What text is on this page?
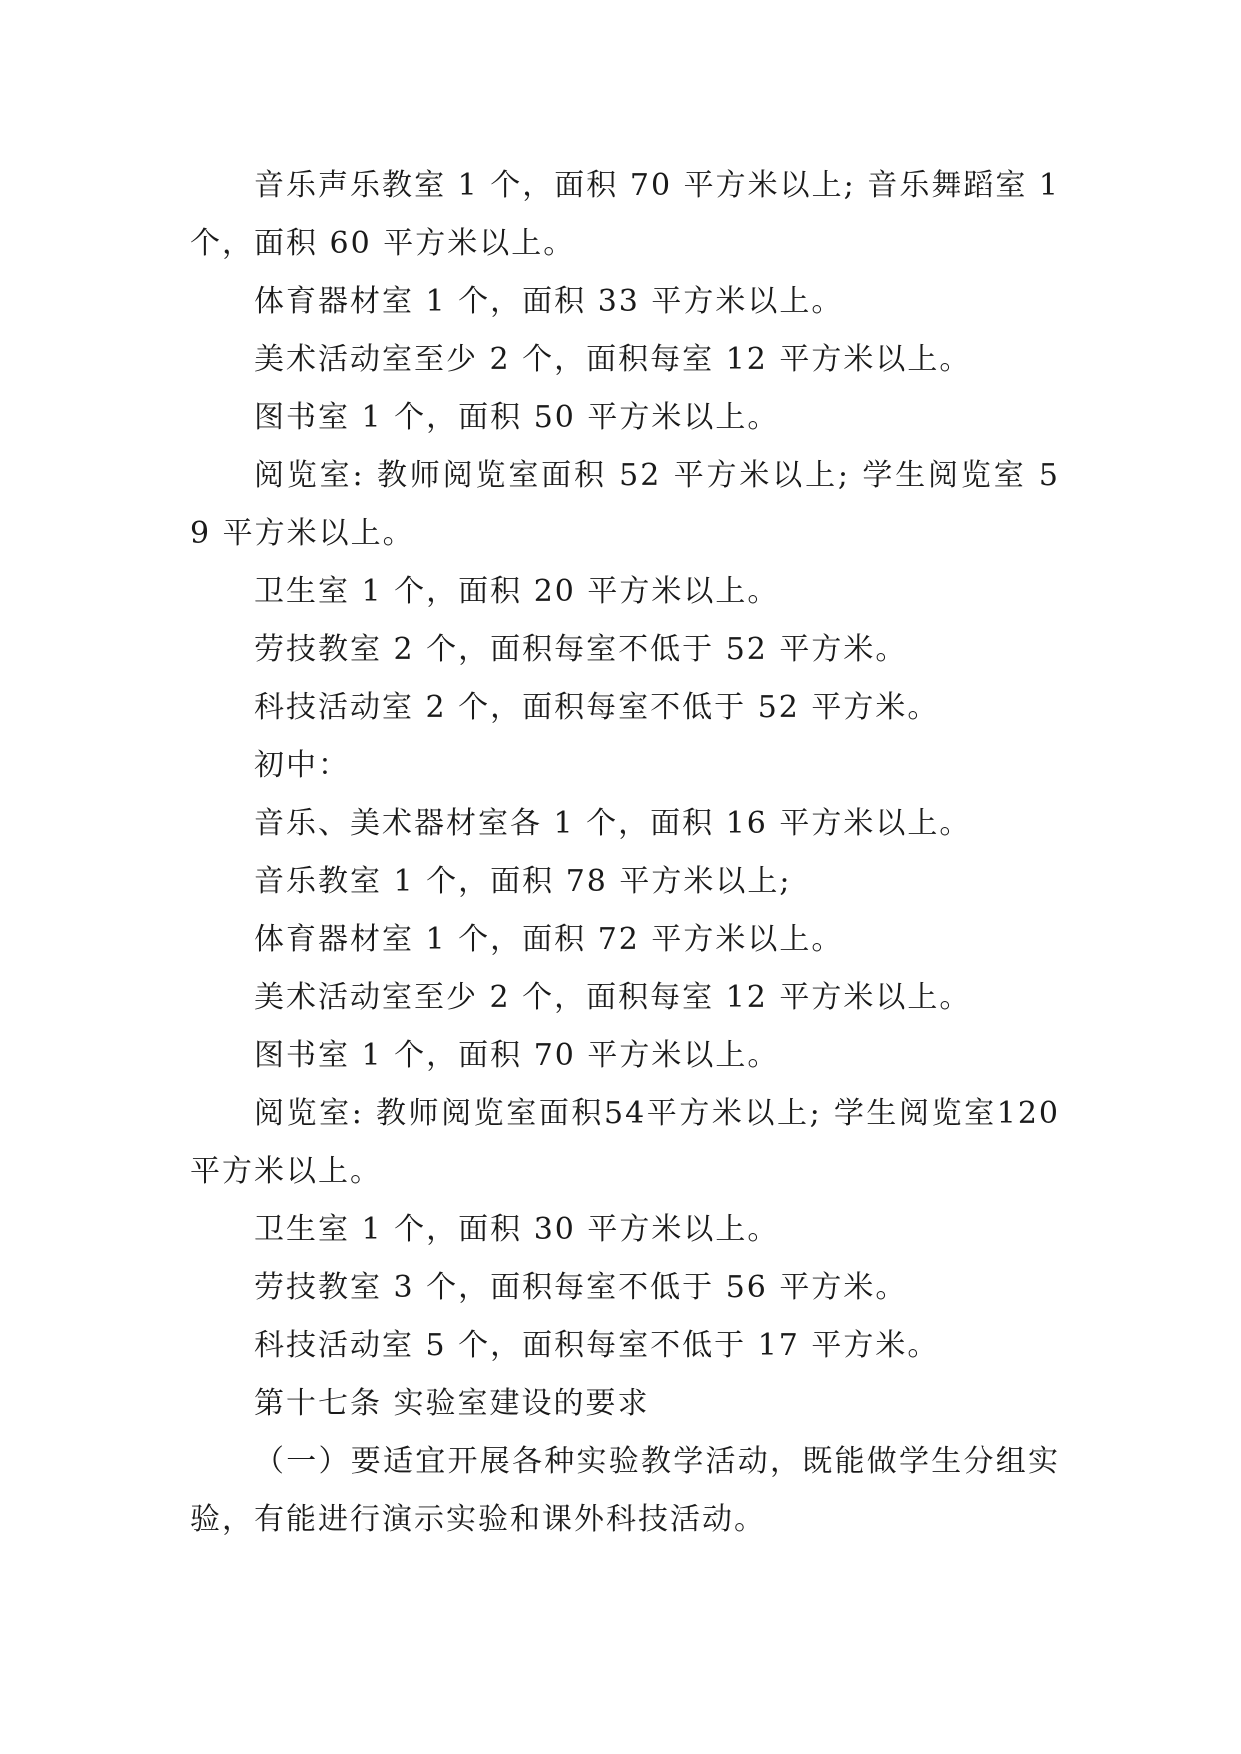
音乐声乐教室 1 个，面积 70 平方米以上; 音乐舞蹈室 1 个，面积 60 平方米以上。

体育器材室 1 个，面积 33 平方米以上。

美术活动室至少 2 个，面积每室 12 平方米以上。

图书室 1 个，面积 50 平方米以上。

阅览室: 教师阅览室面积 52 平方米以上; 学生阅览室 59 平方米以上。

卫生室 1 个，面积 20 平方米以上。

劳技教室 2 个，面积每室不低于 52 平方米。

科技活动室 2 个，面积每室不低于 52 平方米。

初中：

音乐、美术器材室各 1 个，面积 16 平方米以上。

音乐教室 1 个，面积 78 平方米以上;

体育器材室 1 个，面积 72 平方米以上。

美术活动室至少 2 个，面积每室 12 平方米以上。

图书室 1 个，面积 70 平方米以上。

阅览室: 教师阅览室面积54平方米以上; 学生阅览室120平方米以上。

卫生室 1 个，面积 30 平方米以上。

劳技教室 3 个，面积每室不低于 56 平方米。

科技活动室 5 个，面积每室不低于 17 平方米。

第十七条 实验室建设的要求

（一）要适宜开展各种实验教学活动，既能做学生分组实验，有能进行演示实验和课外科技活动。
